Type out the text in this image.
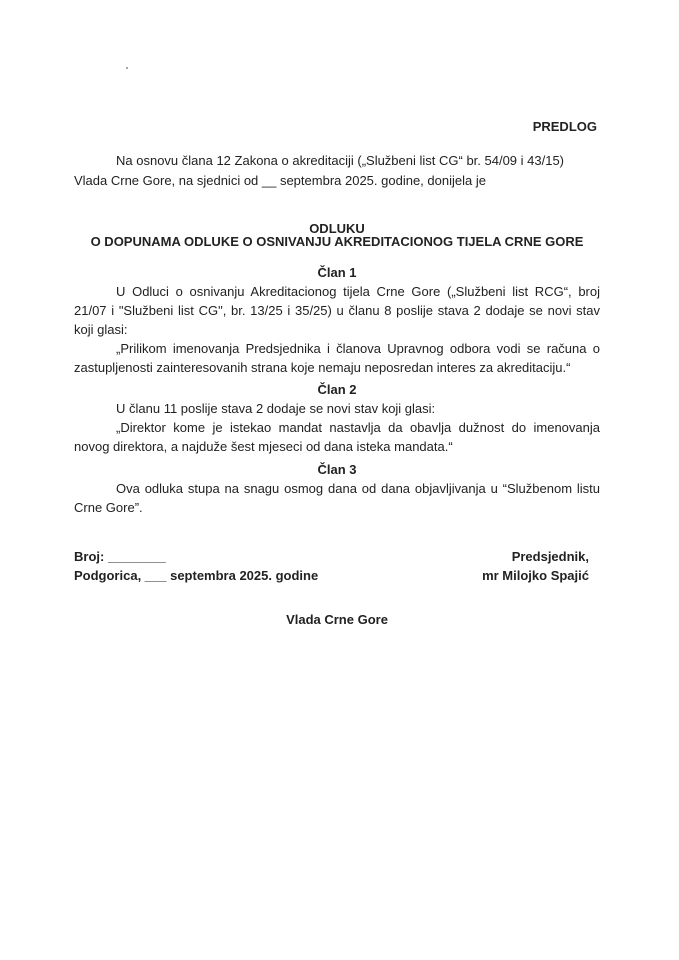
PREDLOG
Na osnovu člana 12 Zakona o akreditaciji („Službeni list CG“ br. 54/09 i 43/15)
Vlada Crne Gore, na sjednici od __ septembra 2025. godine, donijela je
ODLUKU
O DOPUNAMA ODLUKE O OSNIVANJU AKREDITACIONOG TIJELA CRNE GORE
Član 1

U Odluci o osnivanju Akreditacionog tijela Crne Gore („Službeni list RCG“, broj 21/07 i "Službeni list CG", br. 13/25 i 35/25) u članu 8 poslije stava 2 dodaje se novi stav koji glasi:

„Prilikom imenovanja Predsjednika i članova Upravnog odbora vodi se računa o zastupljenosti zainteresovanih strana koje nemaju neposredan interes za akreditaciju.“

Član 2

U članu 11 poslije stava 2 dodaje se novi stav koji glasi:

„Direktor kome je istekao mandat nastavlja da obavlja dužnost do imenovanja novog direktora, a najduže šest mjeseci od dana isteka mandata.“

Član 3

Ova odluka stupa na snagu osmog dana od dana objavljivanja u “Službenom listu Crne Gore”.

Broj: ________
Podgorica, ___ septembra 2025. godine
Predsjednik,
mr Milojko Spajić
Vlada Crne Gore
